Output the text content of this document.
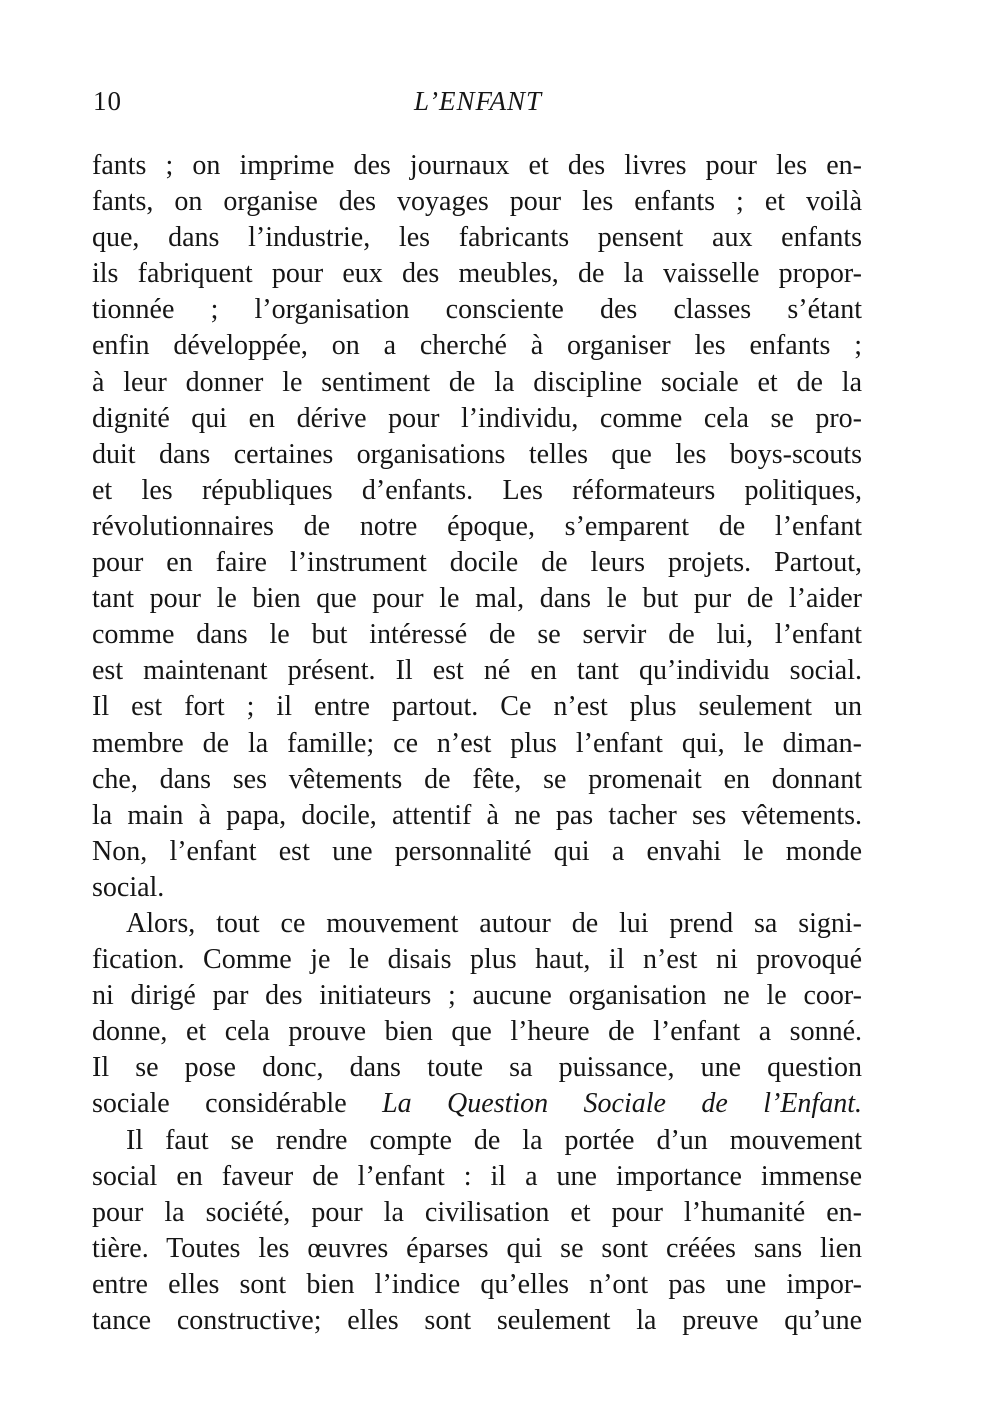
10	L’ENFANT
fants ; on imprime des journaux et des livres pour les en-
fants, on organise des voyages pour les enfants ; et voilà
que, dans l’industrie, les fabricants pensent aux enfants
ils fabriquent pour eux des meubles, de la vaisselle propor-
tionnée ; l’organisation consciente des classes s’étant
enfin développée, on a cherché à organiser les enfants ;
à leur donner le sentiment de la discipline sociale et de la
dignité qui en dérive pour l’individu, comme cela se pro-
duit dans certaines organisations telles que les boys-scouts
et les républiques d’enfants. Les réformateurs politiques,
révolutionnaires de notre époque, s’emparent de l’enfant
pour en faire l’instrument docile de leurs projets. Partout,
tant pour le bien que pour le mal, dans le but pur de l’aider
comme dans le but intéressé de se servir de lui, l’enfant
est maintenant présent. Il est né en tant qu’individu social.
Il est fort ; il entre partout. Ce n’est plus seulement un
membre de la famille; ce n’est plus l’enfant qui, le diman-
che, dans ses vêtements de fête, se promenait en donnant
la main à papa, docile, attentif à ne pas tacher ses vêtements.
Non, l’enfant est une personnalité qui a envahi le monde
social.
Alors, tout ce mouvement autour de lui prend sa signi-
fication. Comme je le disais plus haut, il n’est ni provoqué
ni dirigé par des initiateurs ; aucune organisation ne le coor-
donne, et cela prouve bien que l’heure de l’enfant a sonné.
Il se pose donc, dans toute sa puissance, une question
sociale considérable La Question Sociale de l’Enfant.
Il faut se rendre compte de la portée d’un mouvement
social en faveur de l’enfant : il a une importance immense
pour la société, pour la civilisation et pour l’humanité en-
tière. Toutes les œuvres éparses qui se sont créées sans lien
entre elles sont bien l’indice qu’elles n’ont pas une impor-
tance constructive; elles sont seulement la preuve qu’une
